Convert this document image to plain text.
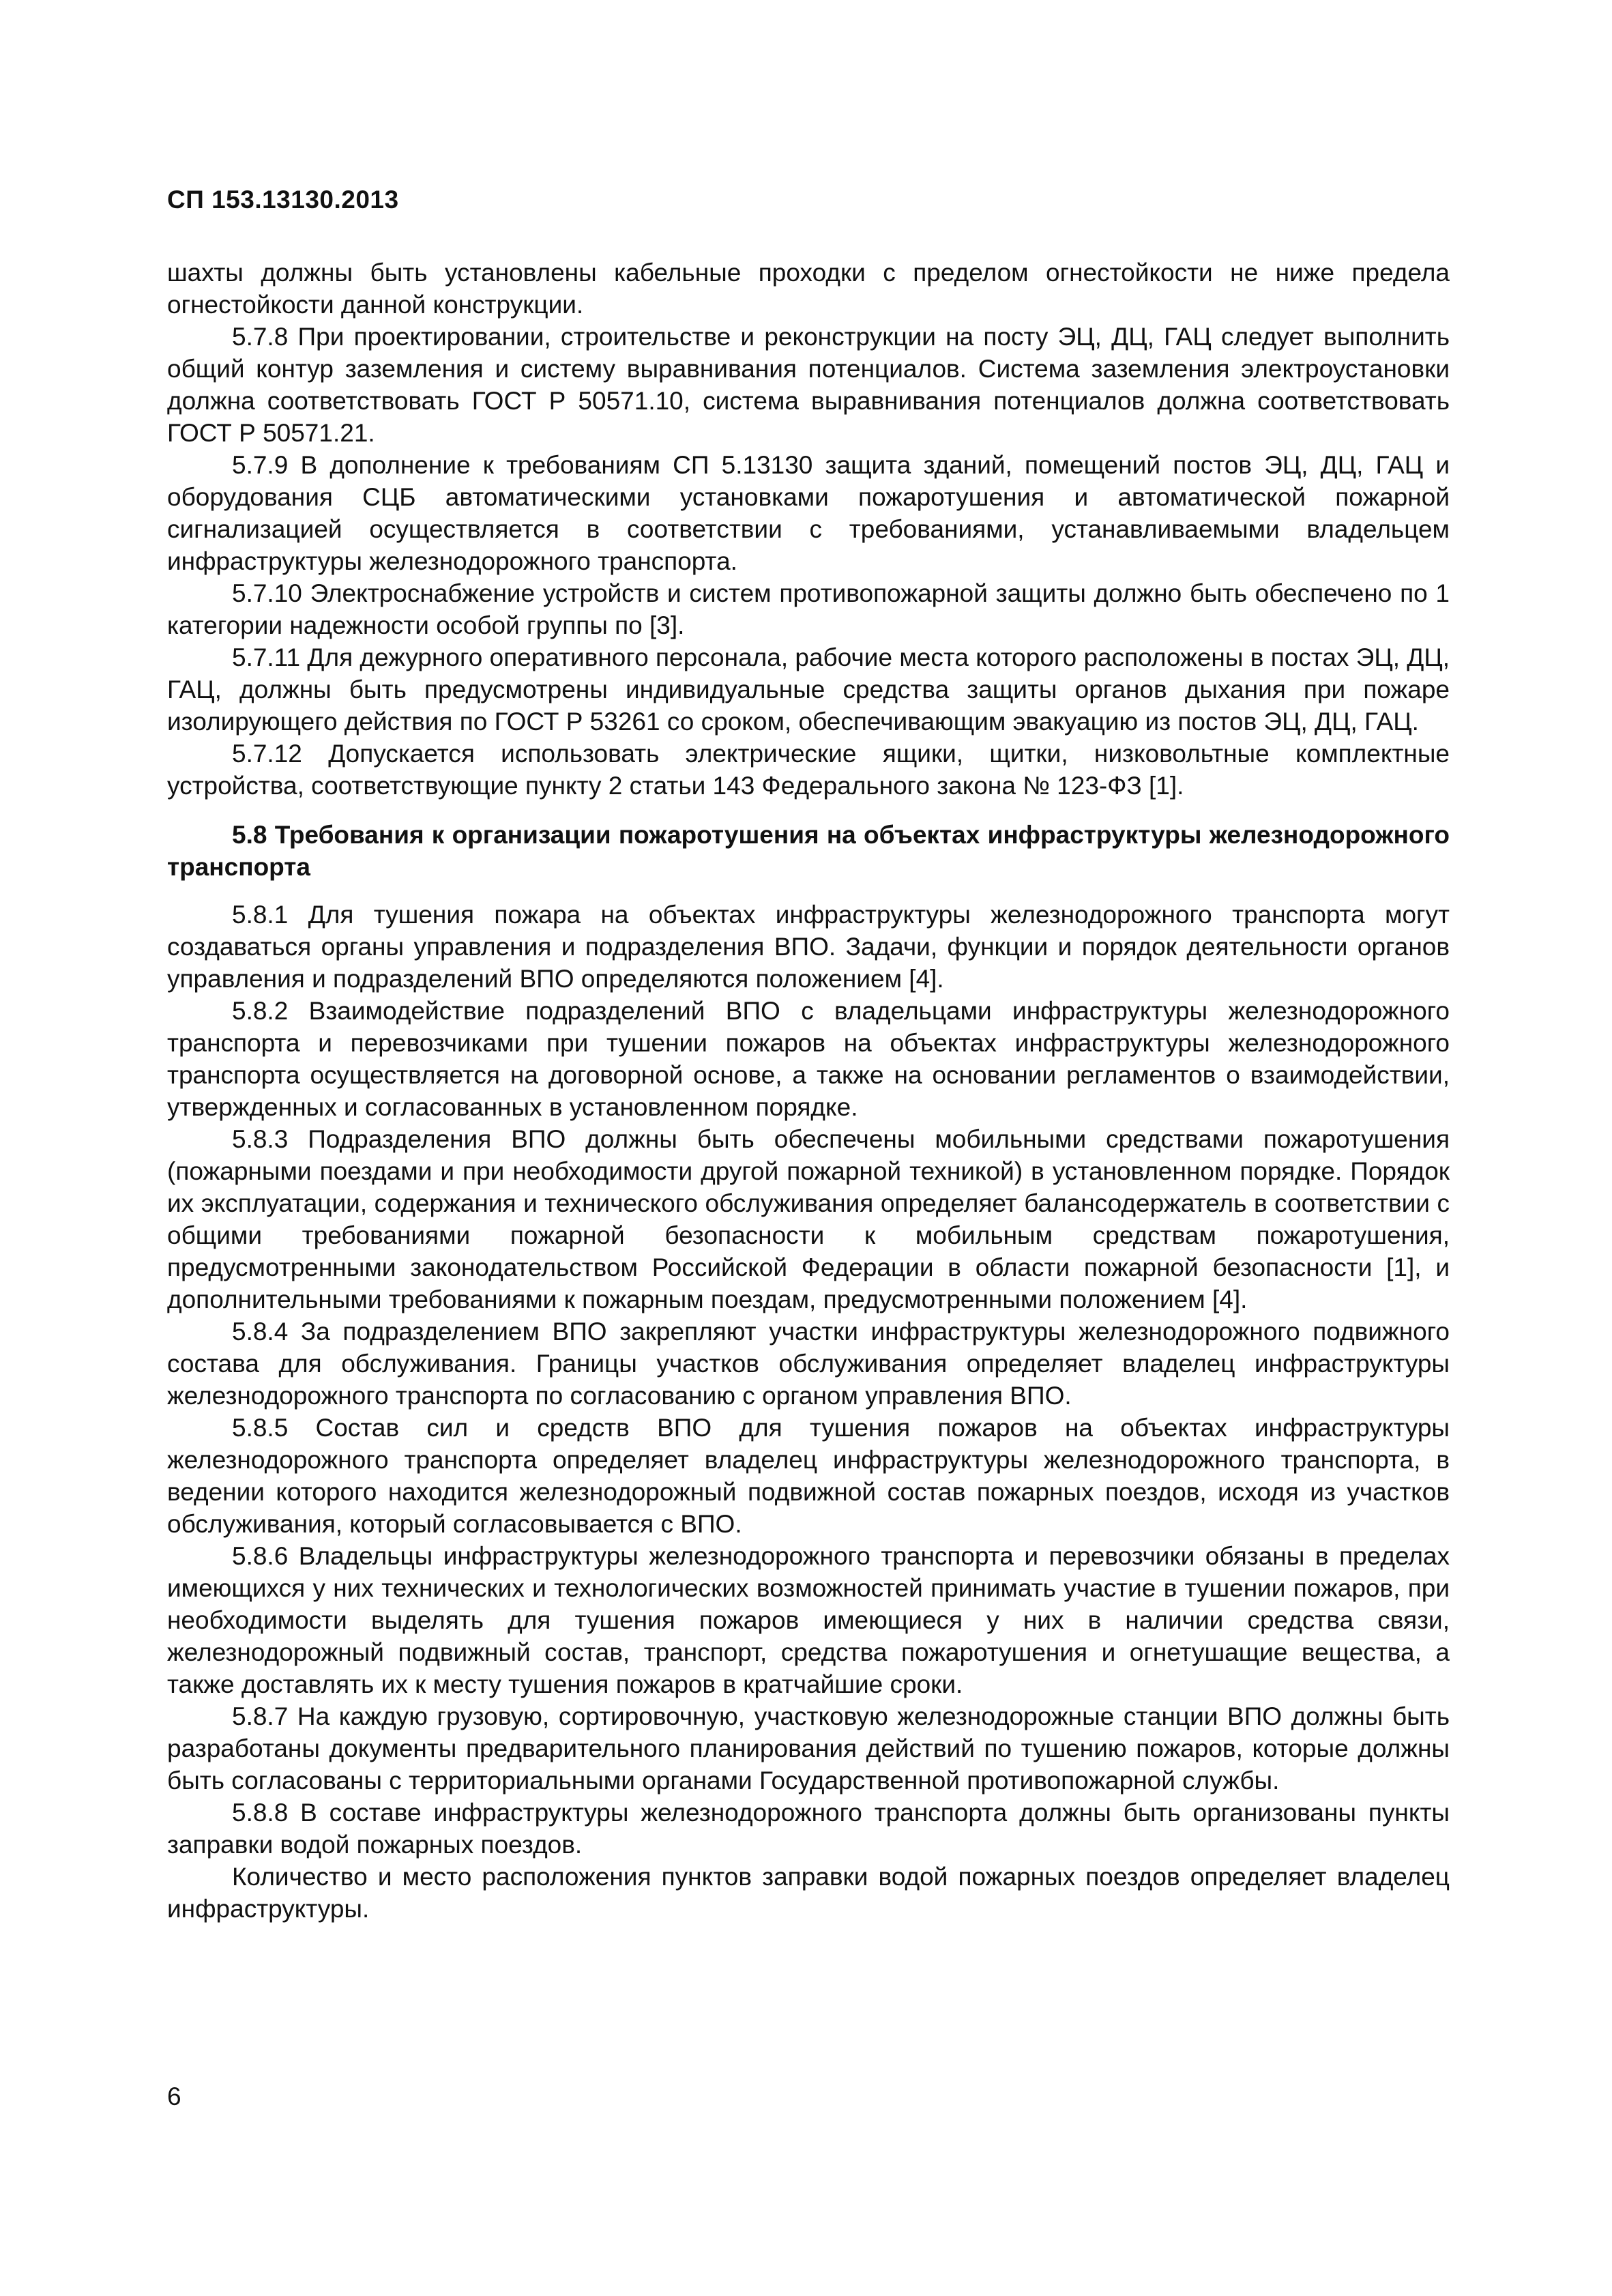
СП 153.13130.2013

шахты должны быть установлены кабельные проходки с пределом огнестойкости не ниже предела огнестойкости данной конструкции.

5.7.8 При проектировании, строительстве и реконструкции на посту ЭЦ, ДЦ, ГАЦ следует выполнить общий контур заземления и систему выравнивания потенциалов. Система заземления электроустановки должна соответствовать ГОСТ Р 50571.10, система выравнивания потенциалов должна соответствовать ГОСТ Р 50571.21.

5.7.9 В дополнение к требованиям СП 5.13130 защита зданий, помещений постов ЭЦ, ДЦ, ГАЦ и оборудования СЦБ автоматическими установками пожаротушения и автоматической пожарной сигнализацией осуществляется в соответствии с требованиями, устанавливаемыми владельцем инфраструктуры железнодорожного транспорта.

5.7.10 Электроснабжение устройств и систем противопожарной защиты должно быть обеспечено по 1 категории надежности особой группы по [3].

5.7.11 Для дежурного оперативного персонала, рабочие места которого расположены в постах ЭЦ, ДЦ, ГАЦ, должны быть предусмотрены индивидуальные средства защиты органов дыхания при пожаре изолирующего действия по ГОСТ Р 53261 со сроком, обеспечивающим эвакуацию из постов ЭЦ, ДЦ, ГАЦ.

5.7.12 Допускается использовать электрические ящики, щитки, низковольтные комплектные устройства, соответствующие пункту 2 статьи 143 Федерального закона № 123-ФЗ [1].

5.8 Требования к организации пожаротушения на объектах инфраструктуры железнодорожного транспорта

5.8.1 Для тушения пожара на объектах инфраструктуры железнодорожного транспорта могут создаваться органы управления и подразделения ВПО. Задачи, функции и порядок деятельности органов управления и подразделений ВПО определяются положением [4].

5.8.2 Взаимодействие подразделений ВПО с владельцами инфраструктуры железнодорожного транспорта и перевозчиками при тушении пожаров на объектах инфраструктуры железнодорожного транспорта осуществляется на договорной основе, а также на основании регламентов о взаимодействии, утвержденных и согласованных в установленном порядке.

5.8.3 Подразделения ВПО должны быть обеспечены мобильными средствами пожаротушения (пожарными поездами и при необходимости другой пожарной техникой) в установленном порядке. Порядок их эксплуатации, содержания и технического обслуживания определяет балансодержатель в соответствии с общими требованиями пожарной безопасности к мобильным средствам пожаротушения, предусмотренными законодательством Российской Федерации в области пожарной безопасности [1], и дополнительными требованиями к пожарным поездам, предусмотренными положением [4].

5.8.4 За подразделением ВПО закрепляют участки инфраструктуры железнодорожного подвижного состава для обслуживания. Границы участков обслуживания определяет владелец инфраструктуры железнодорожного транспорта по согласованию с органом управления ВПО.

5.8.5 Состав сил и средств ВПО для тушения пожаров на объектах инфраструктуры железнодорожного транспорта определяет владелец инфраструктуры железнодорожного транспорта, в ведении которого находится железнодорожный подвижной состав пожарных поездов, исходя из участков обслуживания, который согласовывается с ВПО.

5.8.6 Владельцы инфраструктуры железнодорожного транспорта и перевозчики обязаны в пределах имеющихся у них технических и технологических возможностей принимать участие в тушении пожаров, при необходимости выделять для тушения пожаров имеющиеся у них в наличии средства связи, железнодорожный подвижный состав, транспорт, средства пожаротушения и огнетушащие вещества, а также доставлять их к месту тушения пожаров в кратчайшие сроки.

5.8.7 На каждую грузовую, сортировочную, участковую железнодорожные станции ВПО должны быть разработаны документы предварительного планирования действий по тушению пожаров, которые должны быть согласованы с территориальными органами Государственной противопожарной службы.

5.8.8 В составе инфраструктуры железнодорожного транспорта должны быть организованы пункты заправки водой пожарных поездов.

Количество и место расположения пунктов заправки водой пожарных поездов определяет владелец инфраструктуры.

6
